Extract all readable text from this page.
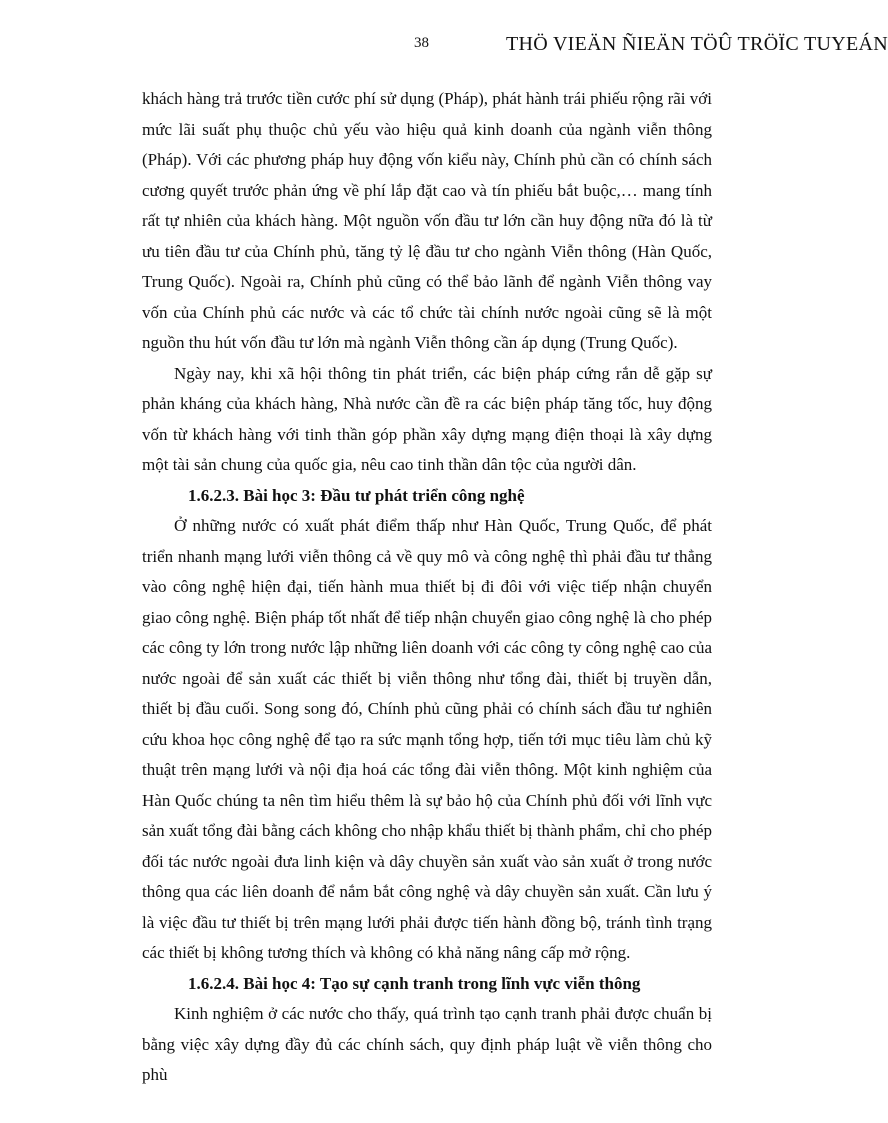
38	THÖ VIEÄN ÑIEÄN TÖÛ TRÖÏC TUYEÁN

khách hàng trả trước tiền cước phí sử dụng (Pháp), phát hành trái phiếu rộng rãi với mức lãi suất phụ thuộc chủ yếu vào hiệu quả kinh doanh của ngành viễn thông (Pháp). Với các phương pháp huy động vốn kiểu này, Chính phủ cần có chính sách cương quyết trước phản ứng về phí lắp đặt cao và tín phiếu bắt buộc,… mang tính rất tự nhiên của khách hàng. Một nguồn vốn đầu tư lớn cần huy động nữa đó là từ ưu tiên đầu tư của Chính phủ, tăng tỷ lệ đầu tư cho ngành Viễn thông (Hàn Quốc, Trung Quốc). Ngoài ra, Chính phủ cũng có thể bảo lãnh để ngành Viễn thông vay vốn của Chính phủ các nước và các tổ chức tài chính nước ngoài cũng sẽ là một nguồn thu hút vốn đầu tư lớn mà ngành Viễn thông cần áp dụng (Trung Quốc).

Ngày nay, khi xã hội thông tin phát triển, các biện pháp cứng rắn dễ gặp sự phản kháng của khách hàng, Nhà nước cần đề ra các biện pháp tăng tốc, huy động vốn từ khách hàng với tinh thần góp phần xây dựng mạng điện thoại là xây dựng một tài sản chung của quốc gia, nêu cao tinh thần dân tộc của người dân.

1.6.2.3. Bài học 3: Đầu tư phát triển công nghệ

Ở những nước có xuất phát điểm thấp như Hàn Quốc, Trung Quốc, để phát triển nhanh mạng lưới viễn thông cả về quy mô và công nghệ thì phải đầu tư thẳng vào công nghệ hiện đại, tiến hành mua thiết bị đi đôi với việc tiếp nhận chuyển giao công nghệ. Biện pháp tốt nhất để tiếp nhận chuyển giao công nghệ là cho phép các công ty lớn trong nước lập những liên doanh với các công ty công nghệ cao của nước ngoài để sản xuất các thiết bị viễn thông như tổng đài, thiết bị truyền dẫn, thiết bị đầu cuối. Song song đó, Chính phủ cũng phải có chính sách đầu tư nghiên cứu khoa học công nghệ để tạo ra sức mạnh tổng hợp, tiến tới mục tiêu làm chủ kỹ thuật trên mạng lưới và nội địa hoá các tổng đài viễn thông. Một kinh nghiệm của Hàn Quốc chúng ta nên tìm hiểu thêm là sự bảo hộ của Chính phủ đối với lĩnh vực sản xuất tổng đài bằng cách không cho nhập khẩu thiết bị thành phẩm, chỉ cho phép đối tác nước ngoài đưa linh kiện và dây chuyền sản xuất vào sản xuất ở trong nước thông qua các liên doanh để nắm bắt công nghệ và dây chuyền sản xuất. Cần lưu ý là việc đầu tư thiết bị trên mạng lưới phải được tiến hành đồng bộ, tránh tình trạng các thiết bị không tương thích và không có khả năng nâng cấp mở rộng.

1.6.2.4. Bài học 4: Tạo sự cạnh tranh trong lĩnh vực viễn thông

Kinh nghiệm ở các nước cho thấy, quá trình tạo cạnh tranh phải được chuẩn bị bằng việc xây dựng đầy đủ các chính sách, quy định pháp luật về viễn thông cho phù
